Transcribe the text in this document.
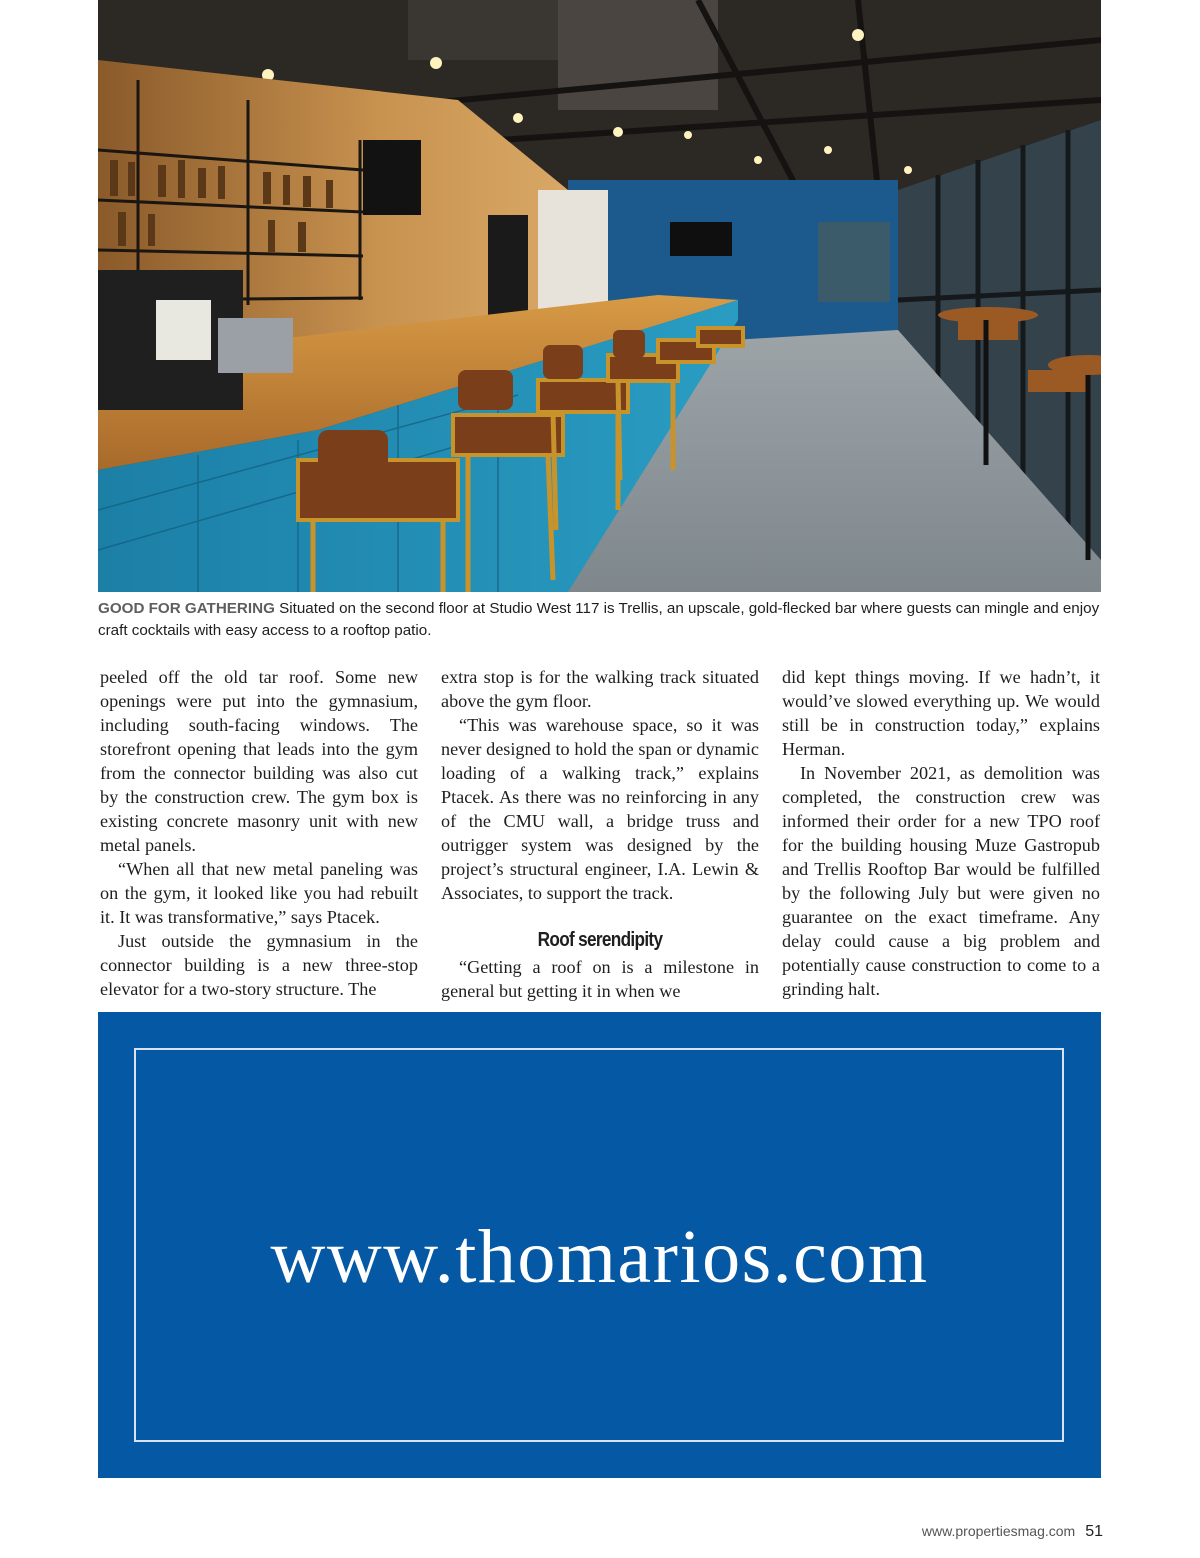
GOOD FOR GATHERING Situated on the second floor at Studio West 117 is Trellis, an upscale, gold-flecked bar where guests can mingle and enjoy craft cocktails with easy access to a rooftop patio.

peeled off the old tar roof. Some new openings were put into the gymnasium, including south-facing windows. The storefront opening that leads into the gym from the connector building was also cut by the construction crew. The gym box is existing concrete masonry unit with new metal panels.

“When all that new metal paneling was on the gym, it looked like you had rebuilt it. It was transformative,” says Ptacek.

Just outside the gymnasium in the connector building is a new three-stop elevator for a two-story structure. The

extra stop is for the walking track situated above the gym floor.

“This was warehouse space, so it was never designed to hold the span or dynamic loading of a walking track,” explains Ptacek. As there was no reinforcing in any of the CMU wall, a bridge truss and outrigger system was designed by the project’s structural engineer, I.A. Lewin & Associates, to support the track.

Roof serendipity

“Getting a roof on is a milestone in general but getting it in when we

did kept things moving. If we hadn’t, it would’ve slowed everything up. We would still be in construction today,” explains Herman.

In November 2021, as demolition was completed, the construction crew was informed their order for a new TPO roof for the building housing Muze Gastropub and Trellis Rooftop Bar would be fulfilled by the following July but were given no guarantee on the exact timeframe. Any delay could cause a big problem and potentially cause construction to come to a grinding halt.

www.thomarios.com
www.propertiesmag.com 51
